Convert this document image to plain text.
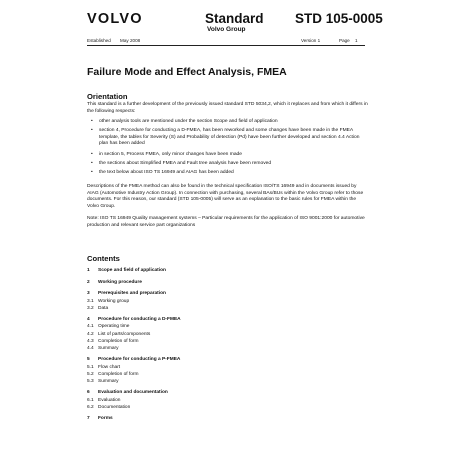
VOLVO	Standard
Volvo Group
STD 105-0005
Established May 2008	Version 1	Page 1
Failure Mode and Effect Analysis, FMEA
Orientation

This standard is a further development of the previously issued standard STD 5034,2, which it replaces and from which it differs in the following respects:

•	other analysis tools are mentioned under the section Scope and field of application
•	section 4, Procedure for conducting a D-FMEA, has been reworked and some changes have been made in the FMEA template, the tables for Severity (S) and Probability of detection (Pd) have been further developed and section 4.4 Action plan has been added
•	in section 5, Process FMEA, only minor changes have been made
•	the sections about Simplified FMEA and Fault tree analysis have been removed
•	the text below about ISO TS 16949 and AIAG has been added

Descriptions of the FMEA method can also be found in the technical specification ISO/TS 16949 and in documents issued by AIAG (Automotive Industry Action Group). In connection with purchasing, several BAs/BUs within the Volvo Group refer to those documents. For this reason, our standard (STD 105-0005) will serve as an explanation to the basic rules for FMEA within the Volvo Group.

Note: ISO TS 16949 Quality management systems – Particular requirements for the application of ISO 9001:2000 for automotive production and relevant service part organizations

Contents
1 Scope and field of application
2 Working procedure
3 Prerequisites and preparation
3.1 Working group
3.2 Data
4 Procedure for conducting a D-FMEA
4.1 Operating time
4.2 List of parts/components
4.3 Completion of form
4.4 Summary
5 Procedure for conducting a P-FMEA
5.1 Flow chart
5.2 Completion of form
5.3 Summary
6 Evaluation and documentation
6.1 Evaluation
6.2 Documentation
7 Forms
